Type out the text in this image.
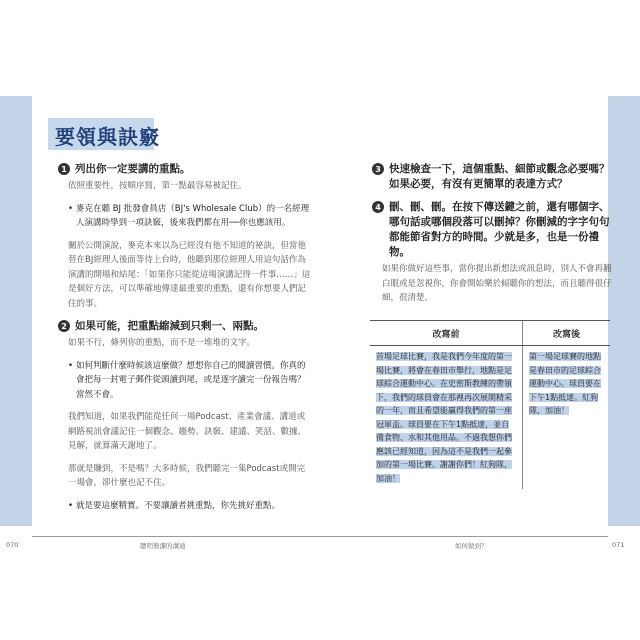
要領與訣竅
1 列出你一定要講的重點。
依照重要性，按順序寫，第一點最容易被記住。
• 麥克在聽 BJ 批發會員店（BJ's Wholesale Club）的一名經理人演講時學到一項訣竅，後來我們都在用──你也應該用。
關於公開演說，麥克本來以為已經沒有他不知道的祕訣，但當他替在BJ經理人後面等待上台時，他聽到那位經理人用這句話作為演講的開場和結尾：「如果你只能從這場演講記得一件事……」這是個好方法，可以準確地傳達最重要的重點，還有你想要人們記住的事。
2 如果可能，把重點縮減到只剩一、兩點。
如果不行，條列你的重點，而不是一堆堆的文字。
• 如何判斷什麼時候該這麼做？想想你自己的閱讀習慣。你真的會把每一封電子郵件從頭讀到尾，或是逐字讀完一份報告嗎？當然不會。
我們知道，如果我們能從任何一場Podcast、產業會議、講道或網路視訊會議記住一個觀念、趨勢、訣竅、建議、笑話、數據、見解，就算滿天謝地了。
那就是賺到，不是嗎？大多時候，我們聽完一集Podcast或開完一場會，卻什麼也記不住。
• 就是要這麼精實。不要讓讀者挑重點，你先挑好重點。
3 快速檢查一下，這個重點、細節或觀念必要嗎？如果必要，有沒有更簡單的表達方式？
4 刪、刪、刪。在按下傳送鍵之前，還有哪個字、哪句話或哪個段落可以刪掉？你刪減的字字句句都能節省對方的時間。少就是多，也是一份禮物。
如果你做好這些事，當你提出新想法或訊息時，別人不會再翻白眼或是忽視你，你會開始樂於傾聽你的想法，而且聽得很仔細，很清楚。
改寫前	改寫後
首場足球比賽，我是我們今年度的第一場比賽，將會在春田市舉行，地點是足球綜合運動中心。在史密斯教練的帶領下，我們的球員會在那裡再次展開精采的一年，而且希望能贏得我們的第一座冠軍盃。球員要在下午1點抵達，並自備食物、水和其他用品。不過我想你們應該已經知道，因為這不是我們一起參加的第一場比賽。謝謝你們！紅狗隊，加油！	第一場足球賽的地點是春田市的足球綜合運動中心。球員要在下午1點抵達。紅狗隊，加油！
070	聰明簡潔的溝通	如何做到？	071
